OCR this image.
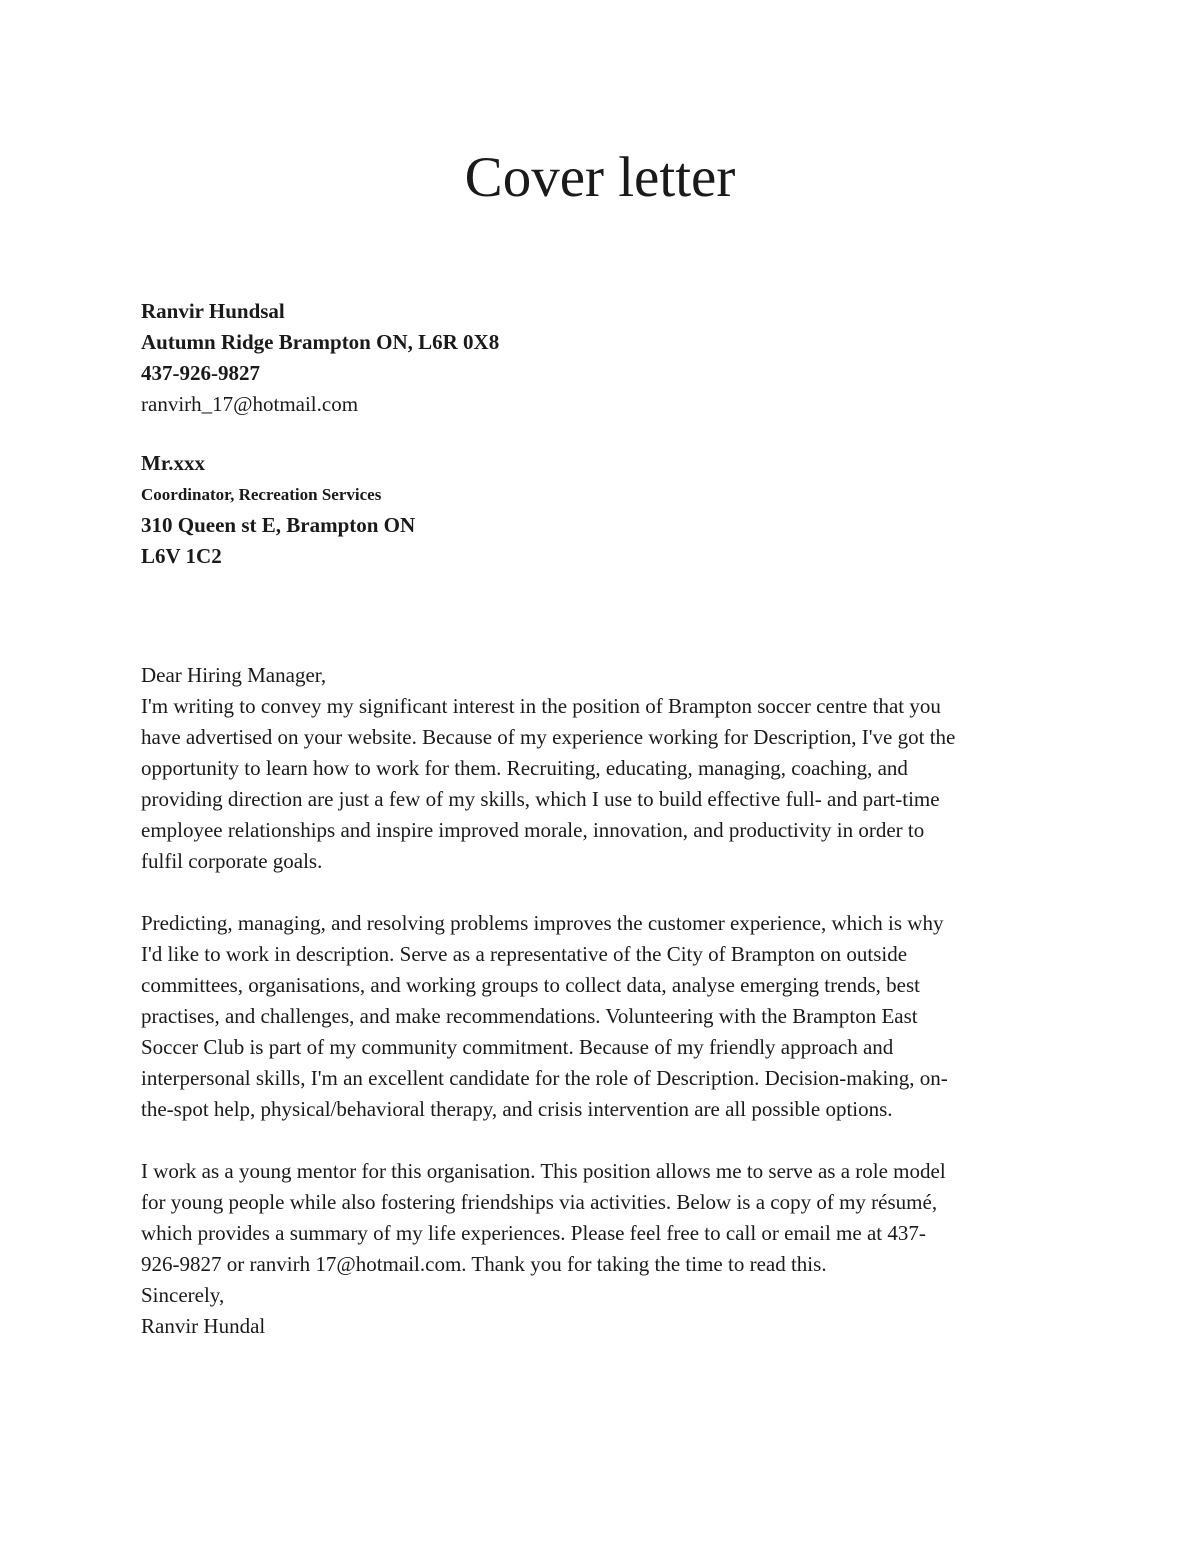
Cover letter
Ranvir Hundsal
Autumn Ridge Brampton ON, L6R 0X8
437-926-9827
ranvirh_17@hotmail.com
Mr.xxx
Coordinator, Recreation Services
310 Queen st E, Brampton ON
L6V 1C2
Dear Hiring Manager,
I'm writing to convey my significant interest in the position of Brampton soccer centre that you
have advertised on your website. Because of my experience working for Description, I've got the
opportunity to learn how to work for them. Recruiting, educating, managing, coaching, and
providing direction are just a few of my skills, which I use to build effective full- and part-time
employee relationships and inspire improved morale, innovation, and productivity in order to
fulfil corporate goals.
Predicting, managing, and resolving problems improves the customer experience, which is why
I'd like to work in description. Serve as a representative of the City of Brampton on outside
committees, organisations, and working groups to collect data, analyse emerging trends, best
practises, and challenges, and make recommendations. Volunteering with the Brampton East
Soccer Club is part of my community commitment. Because of my friendly approach and
interpersonal skills, I'm an excellent candidate for the role of Description. Decision-making, on-
the-spot help, physical/behavioral therapy, and crisis intervention are all possible options.
I work as a young mentor for this organisation. This position allows me to serve as a role model
for young people while also fostering friendships via activities. Below is a copy of my résumé,
which provides a summary of my life experiences. Please feel free to call or email me at 437-
926-9827 or ranvirh 17@hotmail.com. Thank you for taking the time to read this.
Sincerely,
Ranvir Hundal
